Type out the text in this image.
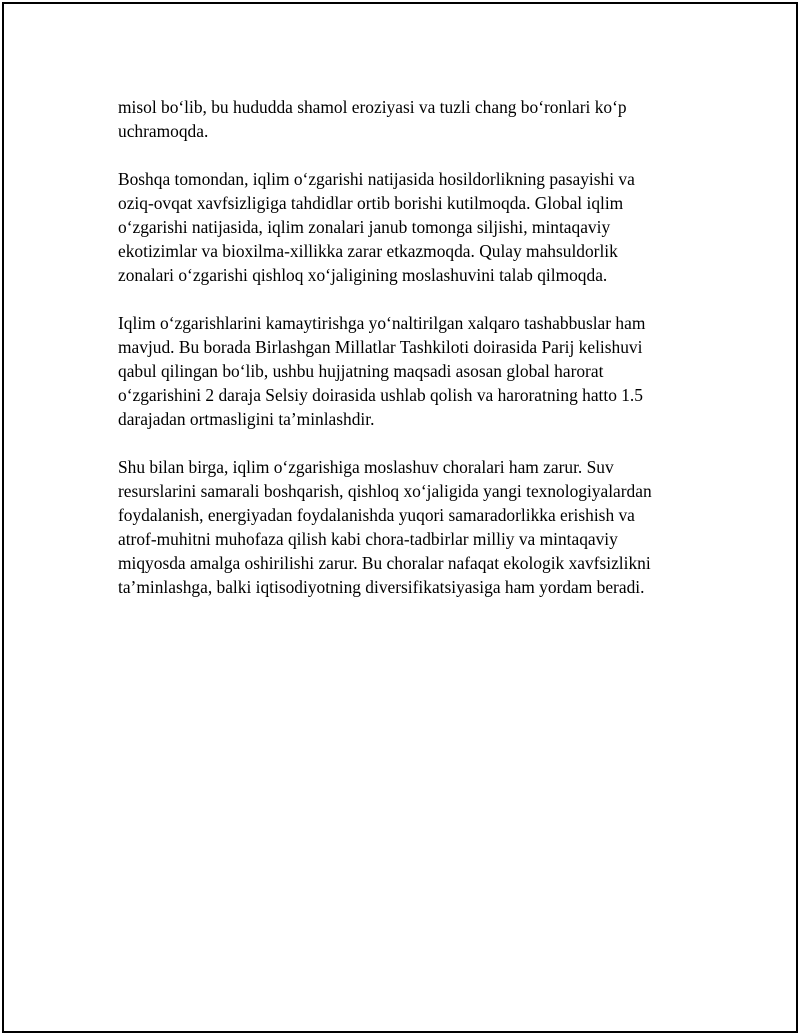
misol bo‘lib, bu hududda shamol eroziyasi va tuzli chang bo‘ronlari ko‘p
uchramoqda.

Boshqa tomondan, iqlim o‘zgarishi natijasida hosildorlikning pasayishi va
oziq-ovqat xavfsizligiga tahdidlar ortib borishi kutilmoqda. Global iqlim
o‘zgarishi natijasida, iqlim zonalari janub tomonga siljishi, mintaqaviy
ekotizimlar va bioxilma-xillikka zarar etkazmoqda. Qulay mahsuldorlik
zonalari o‘zgarishi qishloq xo‘jaligining moslashuvini talab qilmoqda.

Iqlim o‘zgarishlarini kamaytirishga yo‘naltirilgan xalqaro tashabbuslar ham
mavjud. Bu borada Birlashgan Millatlar Tashkiloti doirasida Parij kelishuvi
qabul qilingan bo‘lib, ushbu hujjatning maqsadi asosan global harorat
o‘zgarishini 2 daraja Selsiy doirasida ushlab qolish va haroratning hatto 1.5
darajadan ortmasligini ta’minlashdir.

Shu bilan birga, iqlim o‘zgarishiga moslashuv choralari ham zarur. Suv
resurslarini samarali boshqarish, qishloq xo‘jaligida yangi texnologiyalardan
foydalanish, energiyadan foydalanishda yuqori samaradorlikka erishish va
atrof-muhitni muhofaza qilish kabi chora-tadbirlar milliy va mintaqaviy
miqyosda amalga oshirilishi zarur. Bu choralar nafaqat ekologik xavfsizlikni
ta’minlashga, balki iqtisodiyotning diversifikatsiyasiga ham yordam beradi.
